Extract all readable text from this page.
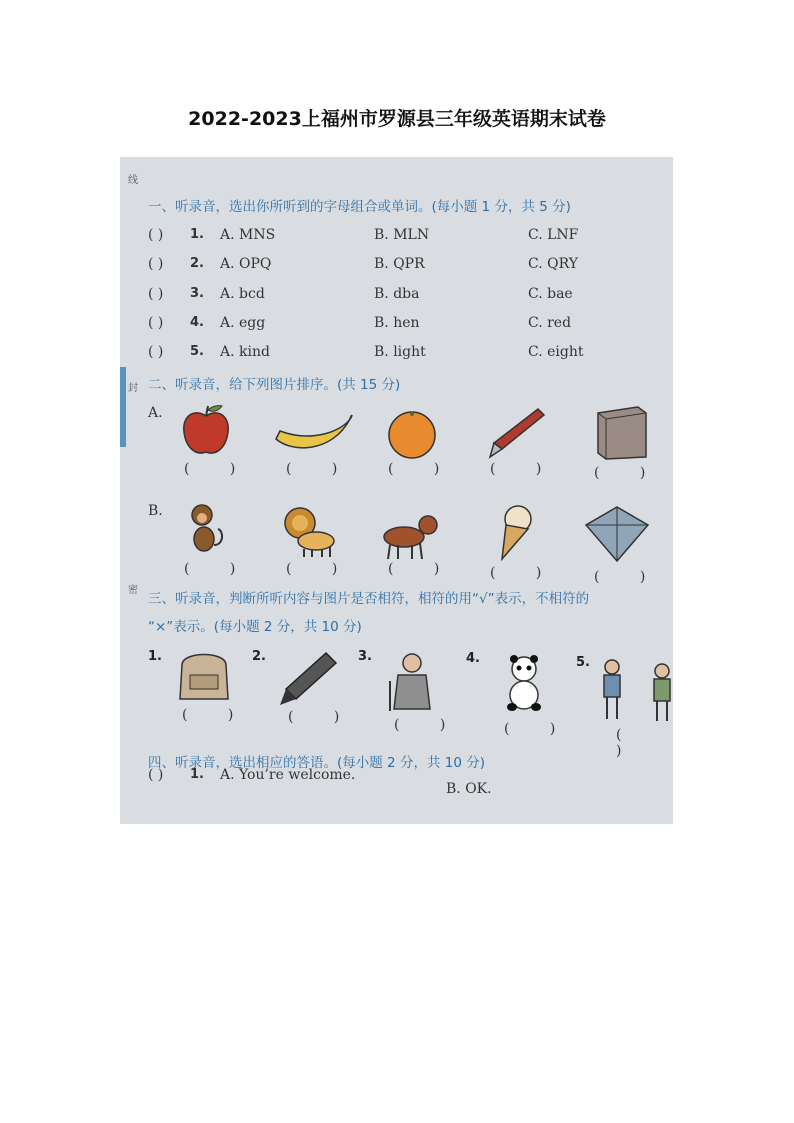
2022-2023上福州市罗源县三年级英语期末试卷
线
封
密
一、听录音，选出你所听到的字母组合或单词。(每小题 1 分，共 5 分)
( ) 1. A. MNS	B. MLN	C. LNF
( ) 2. A. OPQ	B. QPR	C. QRY
( ) 3. A. bcd	B. dba	C. bae
( ) 4. A. egg	B. hen	C. red
( ) 5. A. kind	B. light	C. eight
二、听录音，给下列图片排序。(共 15 分)
A.
( ) ( ) ( ) ( ) ( )
B.
( ) ( ) ( ) ( ) ( )
三、听录音，判断所听内容与图片是否相符，相符的用“√”表示，不相符的
“×”表示。(每小题 2 分，共 10 分)
1.
( )
2.
( )
3.
( )
4.
( )
5.
( )
四、听录音，选出相应的答语。(每小题 2 分，共 10 分)
( ) 1. A. You’re welcome.
B. OK.
